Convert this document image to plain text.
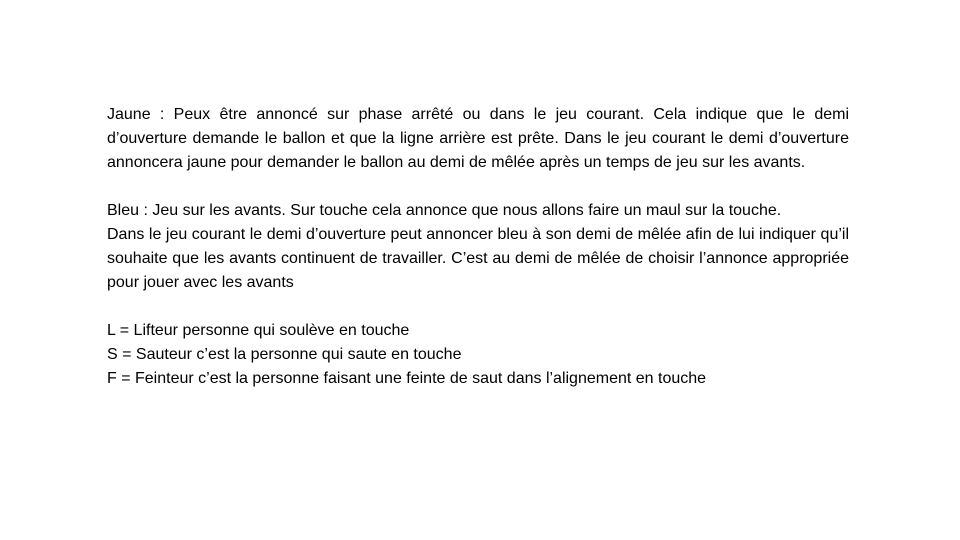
Jaune : Peux être annoncé sur phase arrêté ou dans le jeu courant. Cela indique que le demi d’ouverture demande le ballon et que la ligne arrière est prête. Dans le jeu courant le demi d’ouverture annoncera jaune pour demander le ballon au demi de mêlée après un temps de jeu sur les avants.

Bleu : Jeu sur les avants. Sur touche cela annonce que nous allons faire un maul sur la touche.

Dans le jeu courant le demi d’ouverture peut annoncer bleu à son demi de mêlée afin de lui indiquer qu’il souhaite que les avants continuent de travailler. C’est au demi de mêlée de choisir l’annonce appropriée pour jouer avec les avants

L = Lifteur personne qui soulève en touche
S = Sauteur c’est la personne qui saute en touche
F = Feinteur c’est la personne faisant une feinte de saut dans l’alignement en touche
